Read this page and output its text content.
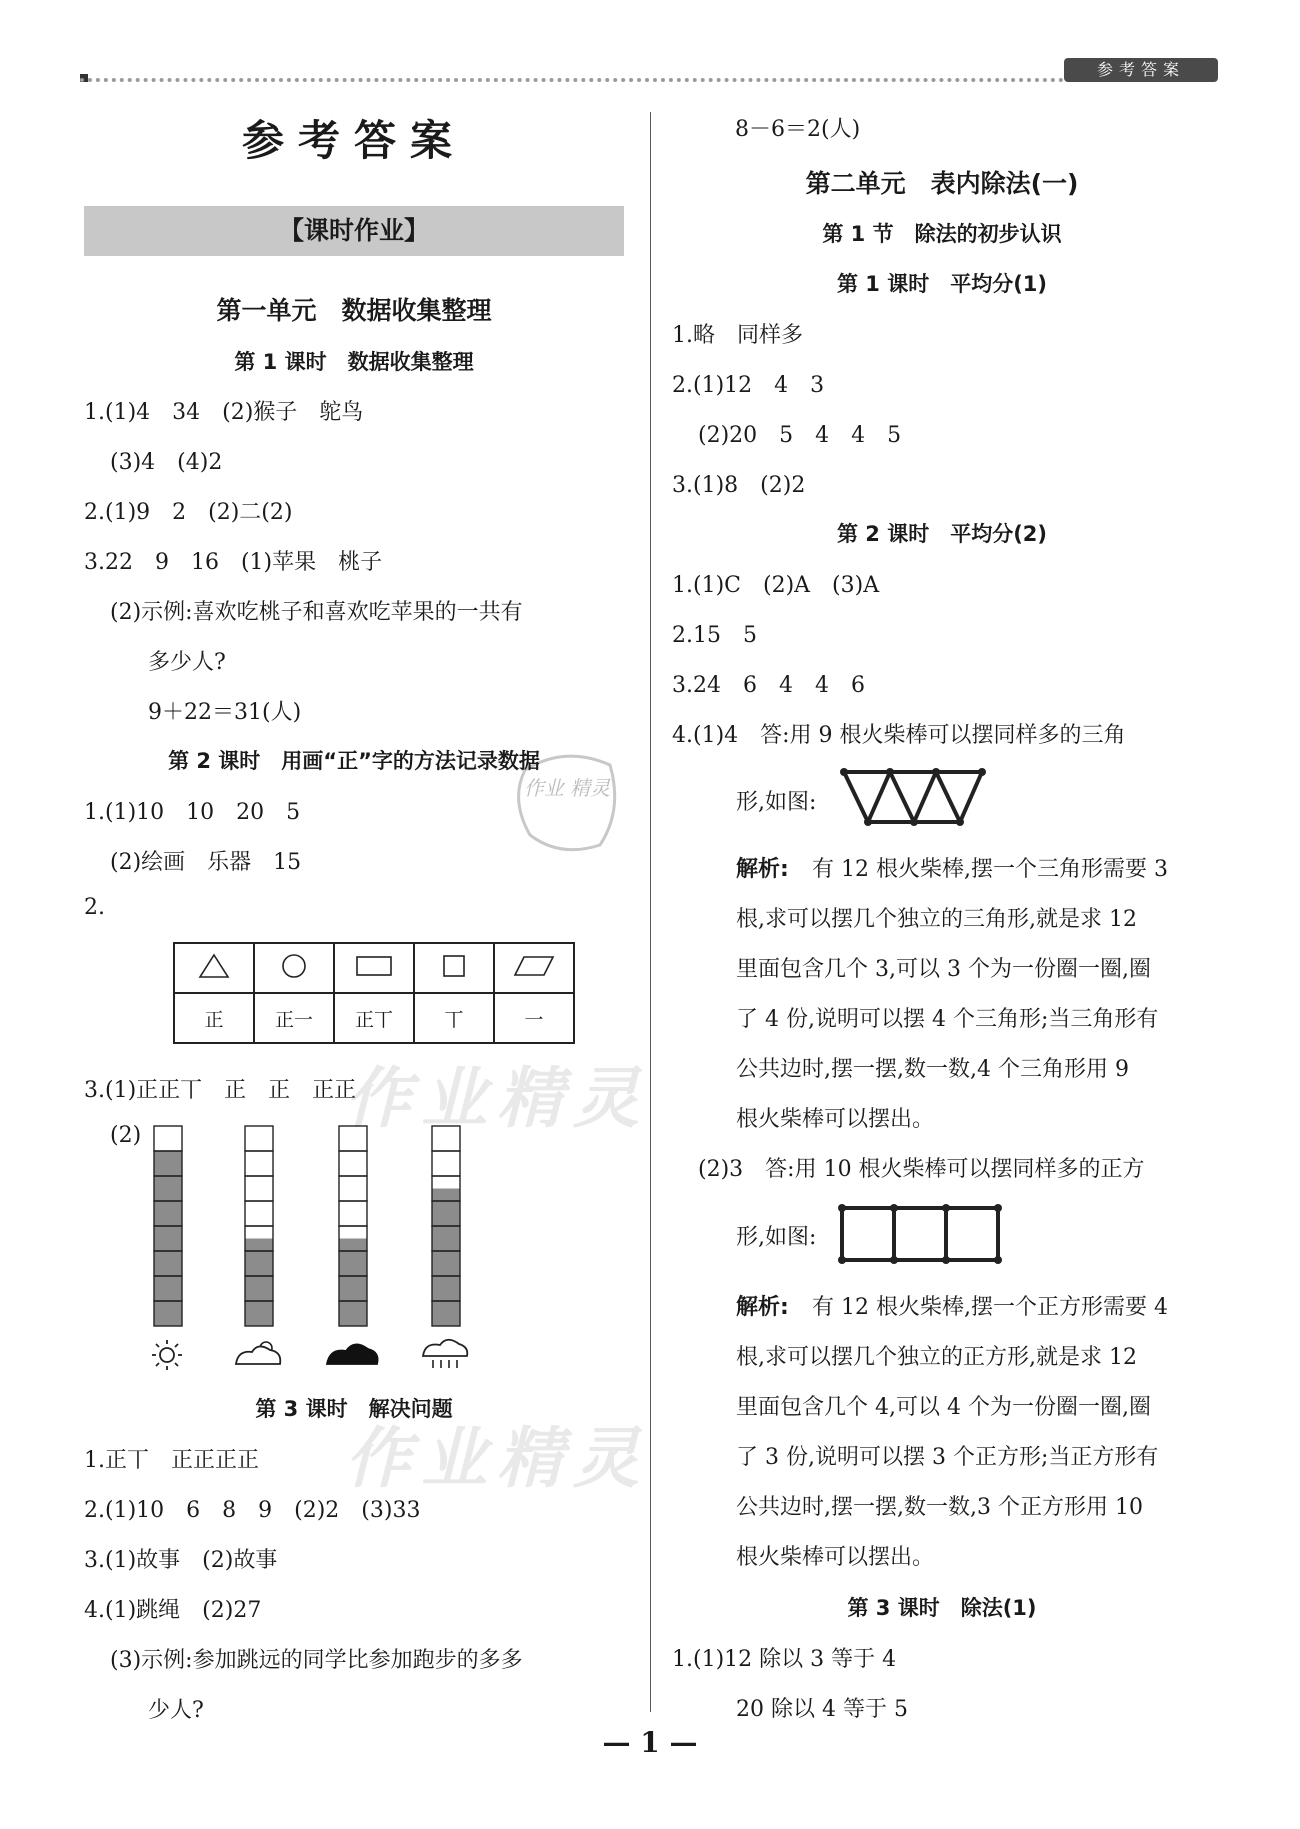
参考答案
作业精灵
作业精灵
作业 精灵
参考答案
【课时作业】
第一单元　数据收集整理
第 1 课时　数据收集整理
1.(1)4　34　(2)猴子　鸵鸟
(3)4　(4)2
2.(1)9　2　(2)二(2)
3.22　9　16　(1)苹果　桃子
(2)示例:喜欢吃桃子和喜欢吃苹果的一共有
多少人?
9＋22＝31(人)
第 2 课时　用画“正”字的方法记录数据
1.(1)10　10　20　5
(2)绘画　乐器　15
2.

正	正一	正丅	丅	一
3.(1)正正丅　正　正　正正
(2)
第 3 课时　解决问题
1.正丅　正正正正
2.(1)10　6　8　9　(2)2　(3)33
3.(1)故事　(2)故事
4.(1)跳绳　(2)27
(3)示例:参加跳远的同学比参加跑步的多多
少人?
8－6＝2(人)
第二单元　表内除法(一)
第 1 节　除法的初步认识
第 1 课时　平均分(1)
1.略　同样多
2.(1)12　4　3
(2)20　5　4　4　5
3.(1)8　(2)2
第 2 课时　平均分(2)
1.(1)C　(2)A　(3)A
2.15　5
3.24　6　4　4　6
4.(1)4　答:用 9 根火柴棒可以摆同样多的三角
形,如图:
解析: 有 12 根火柴棒,摆一个三角形需要 3
根,求可以摆几个独立的三角形,就是求 12
里面包含几个 3,可以 3 个为一份圈一圈,圈
了 4 份,说明可以摆 4 个三角形;当三角形有
公共边时,摆一摆,数一数,4 个三角形用 9
根火柴棒可以摆出。
(2)3　答:用 10 根火柴棒可以摆同样多的正方
形,如图:
解析: 有 12 根火柴棒,摆一个正方形需要 4
根,求可以摆几个独立的正方形,就是求 12
里面包含几个 4,可以 4 个为一份圈一圈,圈
了 3 份,说明可以摆 3 个正方形;当正方形有
公共边时,摆一摆,数一数,3 个正方形用 10
根火柴棒可以摆出。
第 3 课时　除法(1)
1.(1)12 除以 3 等于 4
20 除以 4 等于 5
— 1 —
